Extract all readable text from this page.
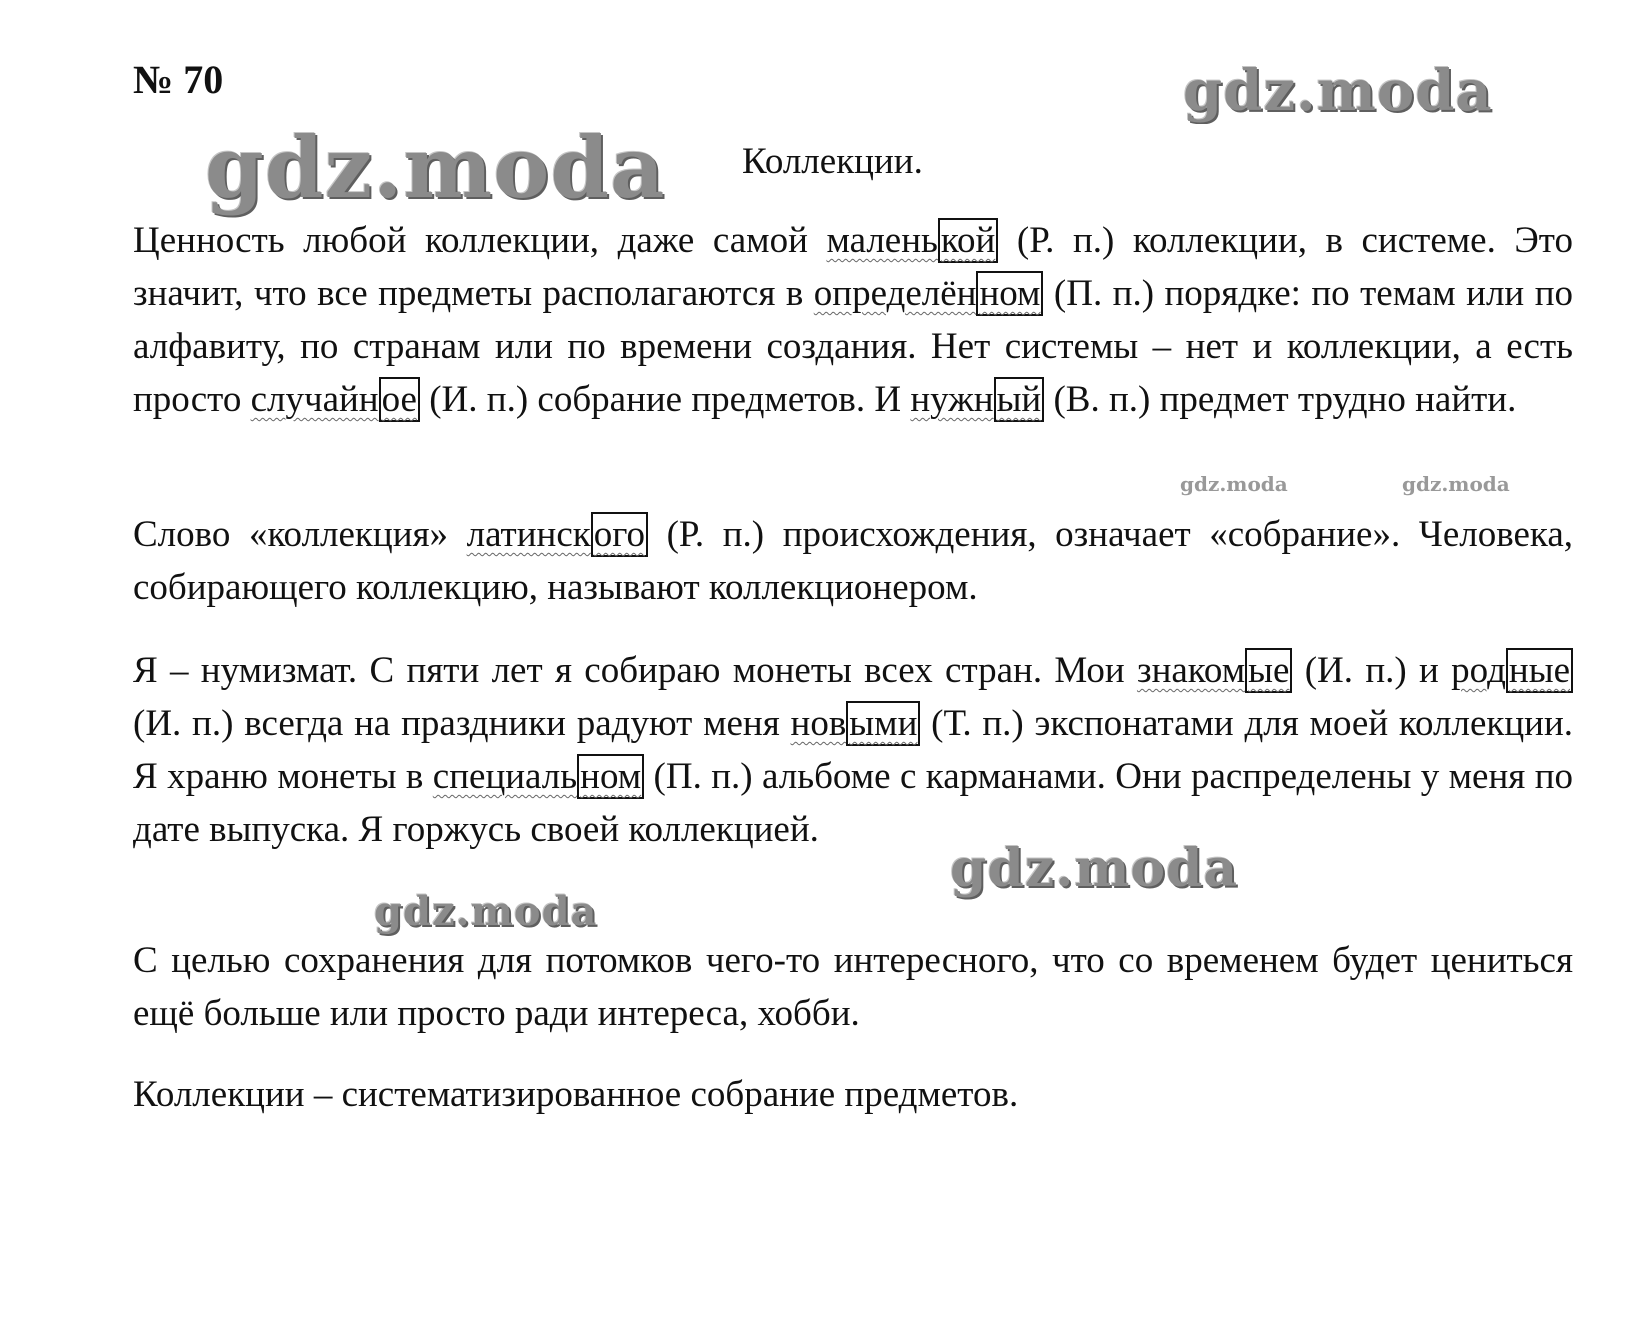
№ 70
Коллекции.
gdz.moda
gdz.moda
gdz.moda	gdz.moda
gdz.moda
gdz.moda

Ценность любой коллекции, даже самой маленькой (Р. п.) коллекции, в системе. Это значит, что все предметы располагаются в определённом (П. п.) порядке: по темам или по алфавиту, по странам или по времени создания. Нет системы – нет и коллекции, а есть просто случайное (И. п.) собрание предметов. И нужный (В. п.) предмет трудно найти.

Слово «коллекция» латинского (Р. п.) происхождения, означает «собрание». Человека, собирающего коллекцию, называют коллекционером.

Я – нумизмат. С пяти лет я собираю монеты всех стран. Мои знакомые (И. п.) и родные (И. п.) всегда на праздники радуют меня новыми (Т. п.) экспонатами для моей коллекции. Я храню монеты в специальном (П. п.) альбоме с карманами. Они распределены у меня по дате выпуска. Я горжусь своей коллекцией.

С целью сохранения для потомков чего-то интересного, что со временем будет цениться ещё больше или просто ради интереса, хобби.

Коллекции – систематизированное собрание предметов.
